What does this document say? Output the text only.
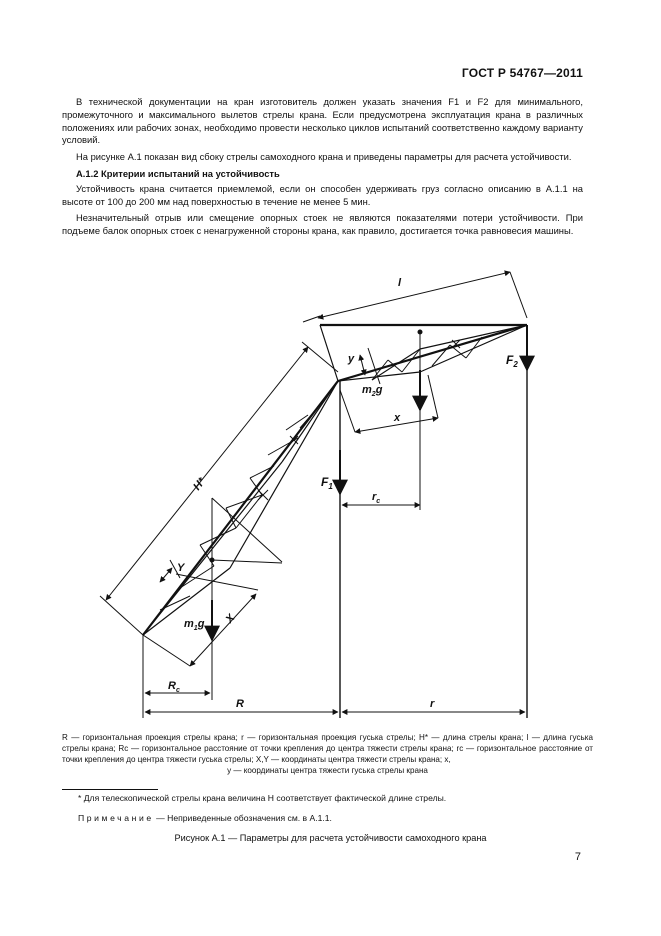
ГОСТ Р 54767—2011

В технической документации на кран изготовитель должен указать значения F1 и F2 для минимального, промежуточного и максимального вылетов стрелы крана. Если предусмотрена эксплуатация крана в различных положениях или рабочих зонах, необходимо провести несколько циклов испытаний соответственно каждому варианту условий.

На рисунке А.1 показан вид сбоку стрелы самоходного крана и приведены параметры для расчета устойчивости.

А.1.2 Критерии испытаний на устойчивость

Устойчивость крана считается приемлемой, если он способен удерживать груз согласно описанию в А.1.1 на высоте от 100 до 200 мм над поверхностью в течение не менее 5 мин.

Незначительный отрыв или смещение опорных стоек не являются показателями потери устойчивости. При подъеме балок опорных стоек с ненагруженной стороны крана, как правило, достигается точка равновесия машины.

l
H*	$F_1$
$F_2$
y
x
$m_2g$
$m_1g$
Y
X
$r_c$
$R_c$
R	r
R — горизонтальная проекция стрелы крана; r — горизонтальная проекция гуська стрелы; H* — длина стрелы крана; l — длина гуська стрелы крана; Rc — горизонтальное расстояние от точки крепления до центра тяжести стрелы крана; rc — горизонтальное расстояние от точки крепления до центра тяжести гуська стрелы; X,Y — координаты центра тяжести стрелы крана; x,
y — координаты центра тяжести гуська стрелы крана
* Для телескопической стрелы крана величина H соответствует фактической длине стрелы.
Примечание — Неприведенные обозначения см. в А.1.1.
Рисунок А.1 — Параметры для расчета устойчивости самоходного крана
7
